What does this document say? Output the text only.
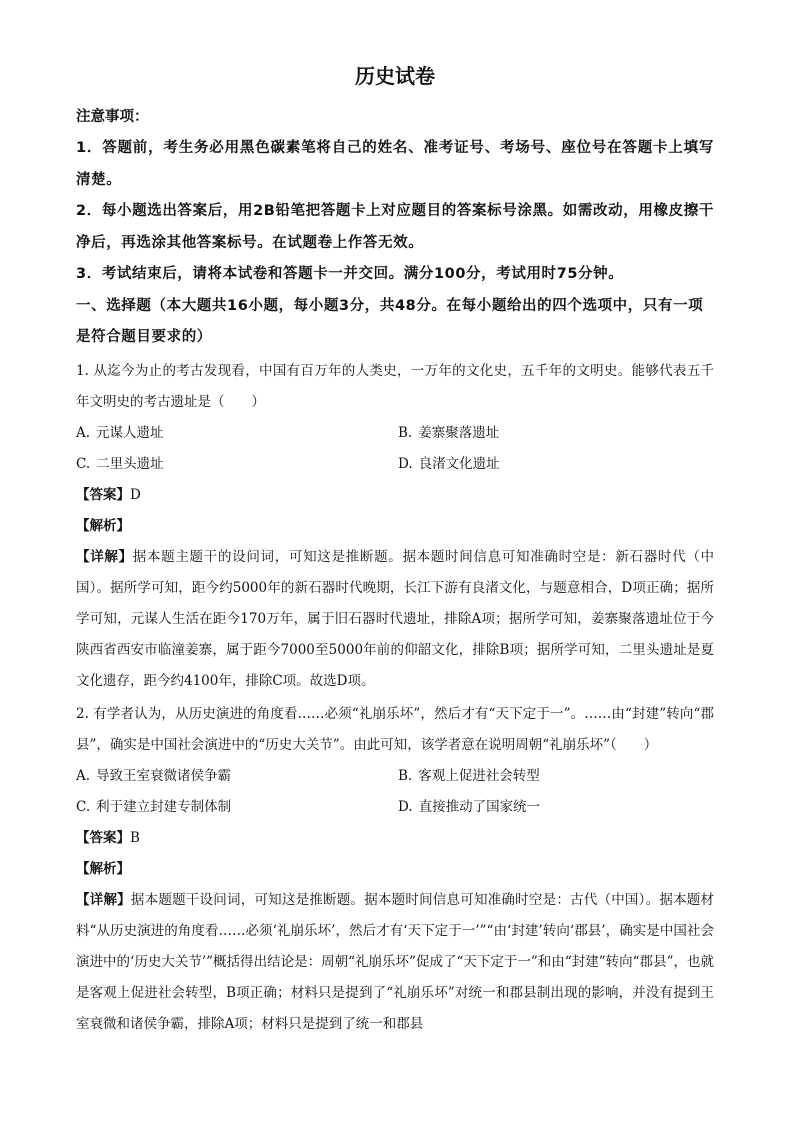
历史试卷
注意事项：
1．答题前，考生务必用黑色碳素笔将自己的姓名、准考证号、考场号、座位号在答题卡上填写清楚。
2．每小题选出答案后，用2B铅笔把答题卡上对应题目的答案标号涂黑。如需改动，用橡皮擦干净后，再选涂其他答案标号。在试题卷上作答无效。
3．考试结束后，请将本试卷和答题卡一并交回。满分100分，考试用时75分钟。
一、选择题（本大题共16小题，每小题3分，共48分。在每小题给出的四个选项中，只有一项是符合题目要求的）
1. 从迄今为止的考古发现看，中国有百万年的人类史，一万年的文化史，五千年的文明史。能够代表五千年文明史的考古遗址是（　　）
A. 元谋人遗址	B. 姜寨聚落遗址
C. 二里头遗址	D. 良渚文化遗址
【答案】D
【解析】
【详解】据本题主题干的设问词，可知这是推断题。据本题时间信息可知准确时空是：新石器时代（中国）。据所学可知，距今约5000年的新石器时代晚期，长江下游有良渚文化，与题意相合，D项正确；据所学可知，元谋人生活在距今170万年，属于旧石器时代遗址，排除A项；据所学可知，姜寨聚落遗址位于今陕西省西安市临潼姜寨，属于距今7000至5000年前的仰韶文化，排除B项；据所学可知，二里头遗址是夏文化遗存，距今约4100年，排除C项。故选D项。
2. 有学者认为，从历史演进的角度看……必须“礼崩乐坏”，然后才有“天下定于一”。……由“封建”转向“郡县”，确实是中国社会演进中的“历史大关节”。由此可知，该学者意在说明周朝“礼崩乐坏”（　　）
A. 导致王室衰微诸侯争霸	B. 客观上促进社会转型
C. 利于建立封建专制体制	D. 直接推动了国家统一
【答案】B
【解析】
【详解】据本题题干设问词，可知这是推断题。据本题时间信息可知准确时空是：古代（中国）。据本题材料“从历史演进的角度看……必须‘礼崩乐坏’，然后才有‘天下定于一’”“由‘封建’转向‘郡县’，确实是中国社会演进中的‘历史大关节’”概括得出结论是：周朝“礼崩乐坏”促成了“天下定于一”和由“封建”转向“郡县”，也就是客观上促进社会转型，B项正确；材料只是提到了“礼崩乐坏”对统一和郡县制出现的影响，并没有提到王室衰微和诸侯争霸，排除A项；材料只是提到了统一和郡县
